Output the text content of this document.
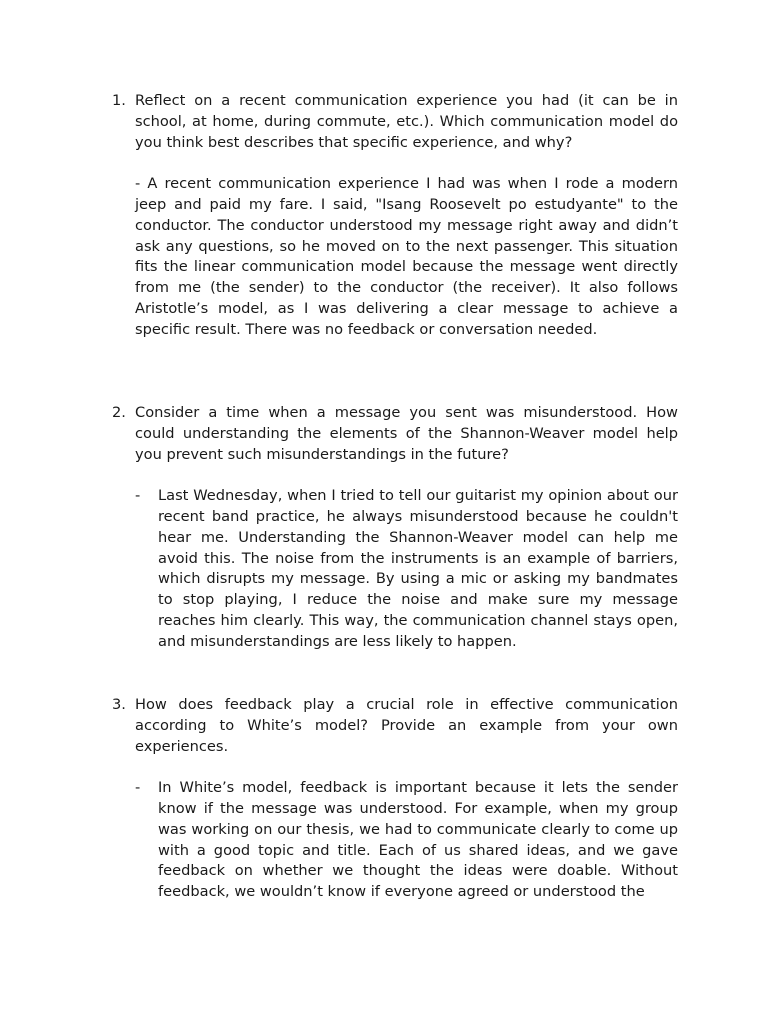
1. Reflect on a recent communication experience you had (it can be in school, at home, during commute, etc.). Which communication model do you think best describes that specific experience, and why?
- A recent communication experience I had was when I rode a modern jeep and paid my fare. I said, "Isang Roosevelt po estudyante" to the conductor. The conductor understood my message right away and didn’t ask any questions, so he moved on to the next passenger. This situation fits the linear communication model because the message went directly from me (the sender) to the conductor (the receiver). It also follows Aristotle’s model, as I was delivering a clear message to achieve a specific result. There was no feedback or conversation needed.
2. Consider a time when a message you sent was misunderstood. How could understanding the elements of the Shannon-Weaver model help you prevent such misunderstandings in the future?
- Last Wednesday, when I tried to tell our guitarist my opinion about our recent band practice, he always misunderstood because he couldn't hear me. Understanding the Shannon-Weaver model can help me avoid this. The noise from the instruments is an example of barriers, which disrupts my message. By using a mic or asking my bandmates to stop playing, I reduce the noise and make sure my message reaches him clearly. This way, the communication channel stays open, and misunderstandings are less likely to happen.
3. How does feedback play a crucial role in effective communication according to White’s model? Provide an example from your own experiences.
- In White’s model, feedback is important because it lets the sender know if the message was understood. For example, when my group was working on our thesis, we had to communicate clearly to come up with a good topic and title. Each of us shared ideas, and we gave feedback on whether we thought the ideas were doable. Without feedback, we wouldn’t know if everyone agreed or understood the
